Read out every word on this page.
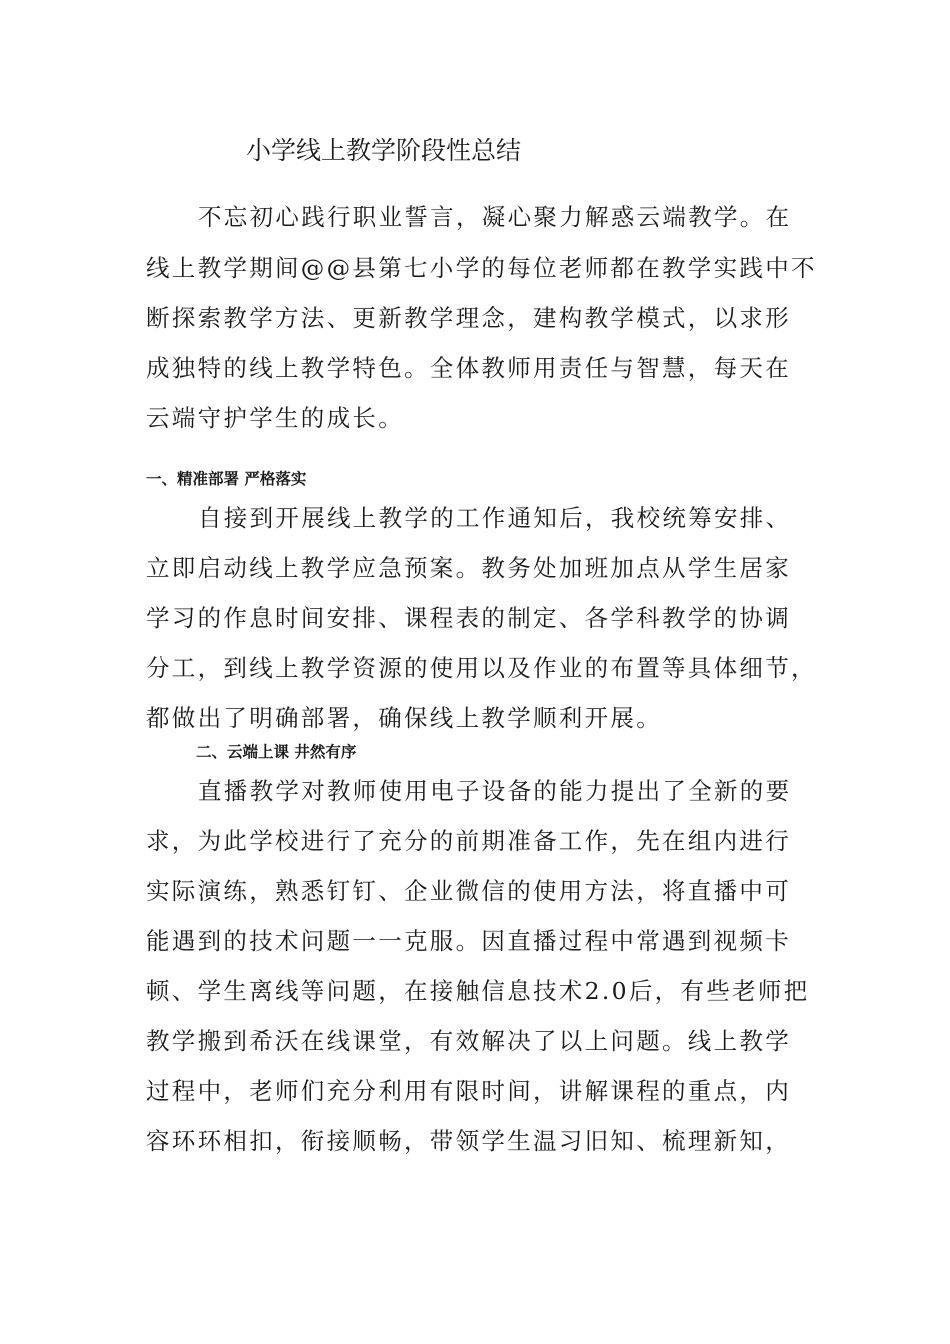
小学线上教学阶段性总结
不忘初心践行职业誓言，凝心聚力解惑云端教学。在
线上教学期间@@县第七小学的每位老师都在教学实践中不
断探索教学方法、更新教学理念，建构教学模式，以求形
成独特的线上教学特色。全体教师用责任与智慧，每天在
云端守护学生的成长。
一、精准部署 严格落实
自接到开展线上教学的工作通知后，我校统筹安排、
立即启动线上教学应急预案。教务处加班加点从学生居家
学习的作息时间安排、课程表的制定、各学科教学的协调
分工，到线上教学资源的使用以及作业的布置等具体细节，
都做出了明确部署，确保线上教学顺利开展。
二、云端上课 井然有序
直播教学对教师使用电子设备的能力提出了全新的要
求，为此学校进行了充分的前期准备工作，先在组内进行
实际演练，熟悉钉钉、企业微信的使用方法，将直播中可
能遇到的技术问题一一克服。因直播过程中常遇到视频卡
顿、学生离线等问题，在接触信息技术2.0后，有些老师把
教学搬到希沃在线课堂，有效解决了以上问题。线上教学
过程中，老师们充分利用有限时间，讲解课程的重点，内
容环环相扣，衔接顺畅，带领学生温习旧知、梳理新知，
